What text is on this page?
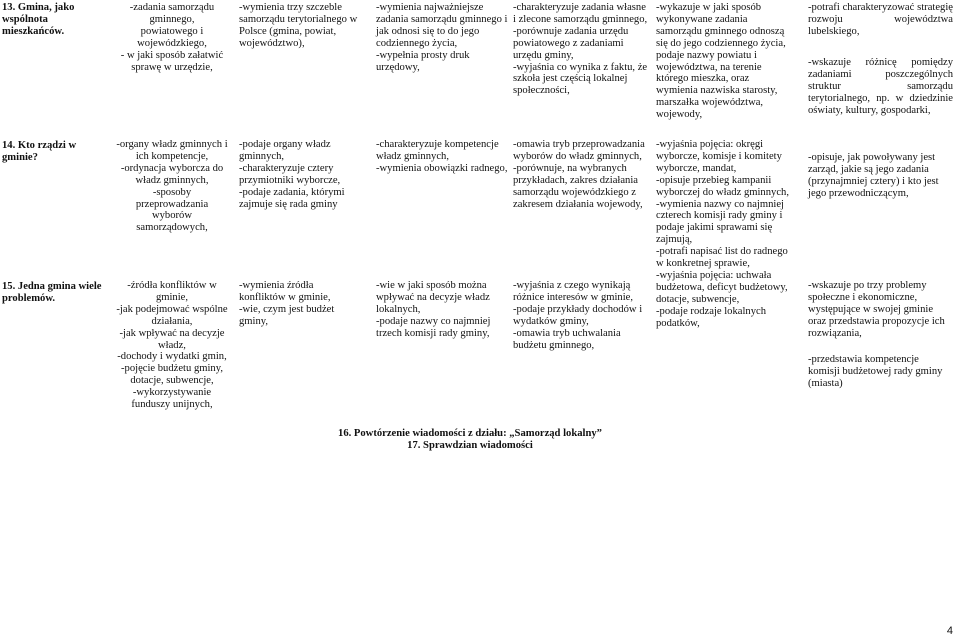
13. Gmina, jako wspólnota mieszkańców.
14. Kto rządzi w gminie?
15. Jedna gmina wiele problemów.
-zadania samorządu gminnego,
powiatowego i wojewódzkiego,
- w jaki sposób załatwić sprawę w urzędzie,
-organy władz gminnych i ich kompetencje,
-ordynacja wyborcza do władz gminnych,
-sposoby przeprowadzania wyborów samorządowych,
-źródła konfliktów w gminie,
-jak podejmować wspólne działania,
-jak wpływać na decyzje władz,
-dochody i wydatki gmin,
-pojęcie budżetu gminy, dotacje, subwencje,
-wykorzystywanie funduszy unijnych,
-wymienia trzy szczeble samorządu terytorialnego w Polsce (gmina, powiat, województwo),
-podaje organy władz gminnych,
-charakteryzuje cztery przymiotniki wyborcze,
-podaje zadania, którymi zajmuje się rada gminy
-wymienia źródła konfliktów w gminie,
-wie, czym jest budżet gminy,
-wymienia najważniejsze zadania samorządu gminnego i jak odnosi się to do jego codziennego życia,
-wypełnia prosty druk urzędowy,
-charakteryzuje kompetencje władz gminnych,
-wymienia obowiązki radnego,
-wie w jaki sposób można wpływać na decyzje władz lokalnych,
-podaje nazwy co najmniej trzech komisji rady gminy,
-charakteryzuje zadania własne i zlecone samorządu gminnego,
-porównuje zadania urzędu powiatowego z zadaniami urzędu gminy,
-wyjaśnia co wynika z faktu, że szkoła jest częścią lokalnej społeczności,
-omawia tryb przeprowadzania wyborów do władz gminnych,
-porównuje, na wybranych przykładach, zakres działania samorządu wojewódzkiego z zakresem działania wojewody,
-wyjaśnia z czego wynikają różnice interesów w gminie,
-podaje przykłady dochodów i wydatków gminy,
-omawia tryb uchwalania budżetu gminnego,
-wykazuje w jaki sposób wykonywane zadania samorządu gminnego odnoszą się do jego codziennego życia,
podaje nazwy powiatu i województwa, na terenie którego mieszka, oraz wymienia nazwiska starosty, marszałka województwa, wojewody,
-wyjaśnia pojęcia: okręgi wyborcze, komisje i komitety wyborcze, mandat,
-opisuje przebieg kampanii wyborczej do władz gminnych,
-wymienia nazwy co najmniej czterech komisji rady gminy i podaje jakimi sprawami się zajmują,
-potrafi napisać list do radnego w konkretnej sprawie,
-wyjaśnia pojęcia: uchwała budżetowa, deficyt budżetowy, dotacje, subwencje,
-podaje rodzaje lokalnych podatków,
-potrafi charakteryzować strategię rozwoju województwa lubelskiego,
-wskazuje różnicę pomiędzy zadaniami poszczególnych struktur samorządu terytorialnego, np. w dziedzinie oświaty, kultury, gospodarki,
-opisuje, jak powoływany jest zarząd, jakie są jego zadania (przynajmniej cztery) i kto jest jego przewodniczącym,
-wskazuje po trzy problemy społeczne i ekonomiczne, występujące w swojej gminie oraz przedstawia propozycje ich rozwiązania,
-przedstawia kompetencje komisji budżetowej rady gminy (miasta)
16. Powtórzenie wiadomości z działu: „Samorząd lokalny”
17. Sprawdzian wiadomości
4
